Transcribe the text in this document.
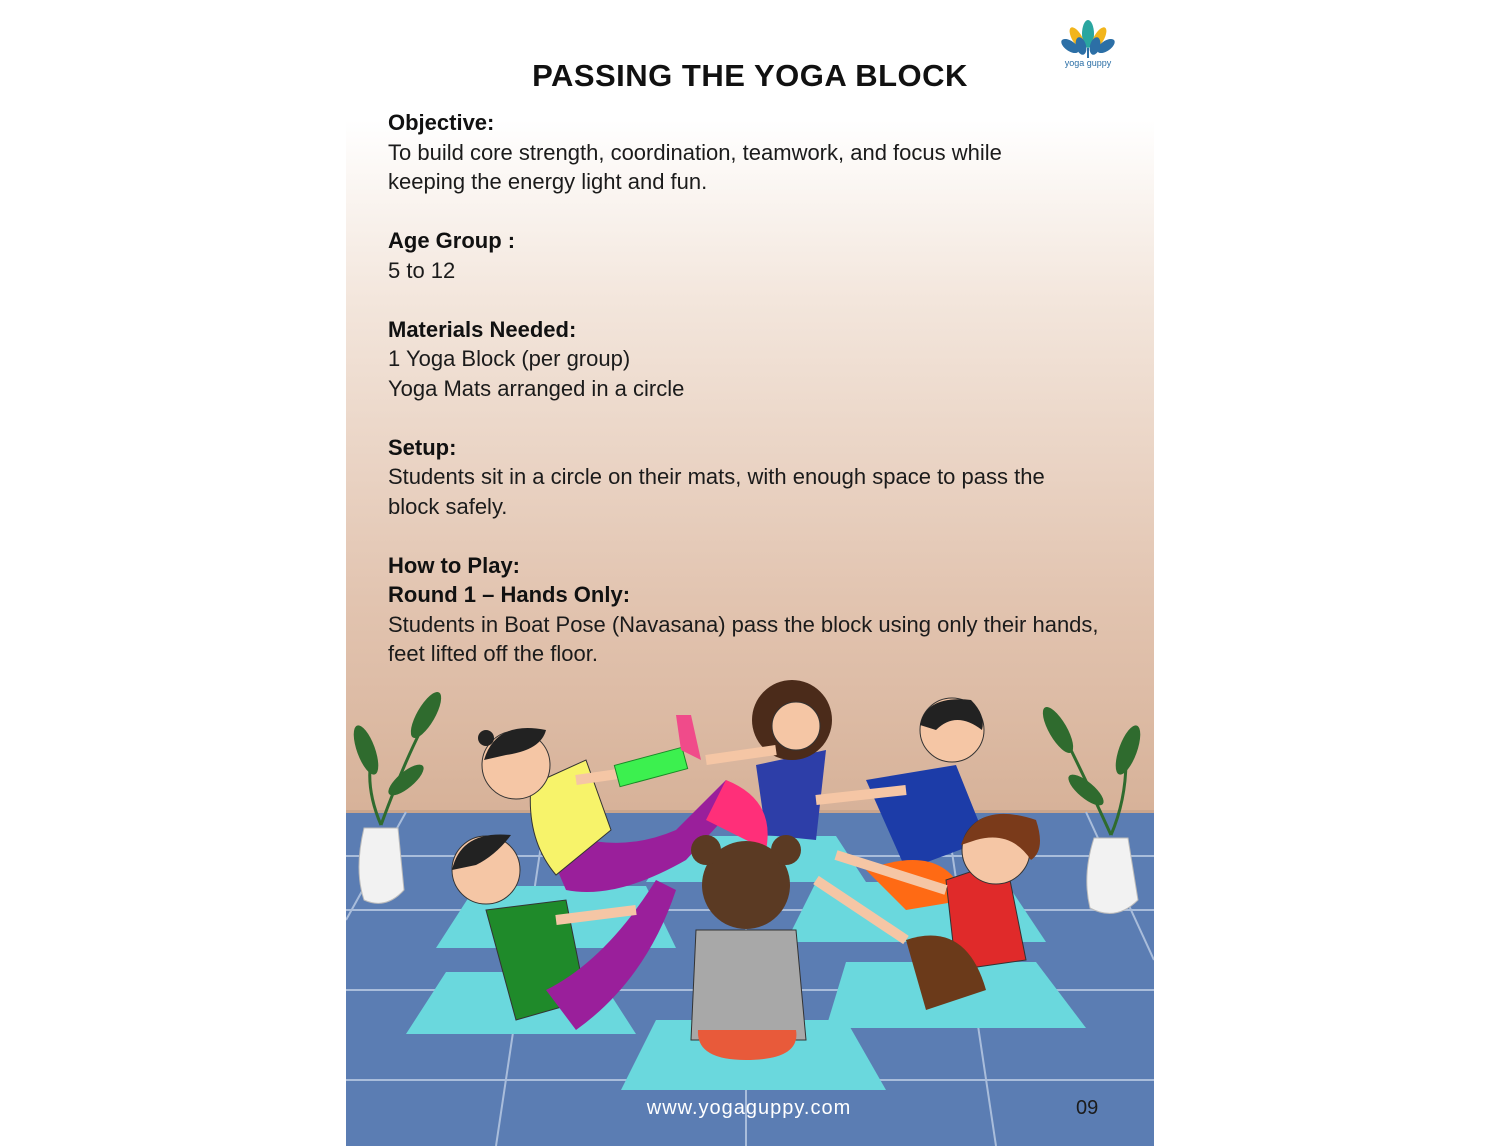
yoga guppy
PASSING THE YOGA BLOCK

Objective:

To build core strength, coordination, teamwork, and focus while

keeping the energy light and fun.

Age Group :

5 to 12

Materials Needed:

1 Yoga Block (per group)

Yoga Mats arranged in a circle

Setup:

Students sit in a circle on their mats, with enough space to pass the

block safely.

How to Play:

Round 1 – Hands Only:

Students in Boat Pose (Navasana) pass the block using only their hands,

feet lifted off the floor.

www.yogaguppy.com	09
